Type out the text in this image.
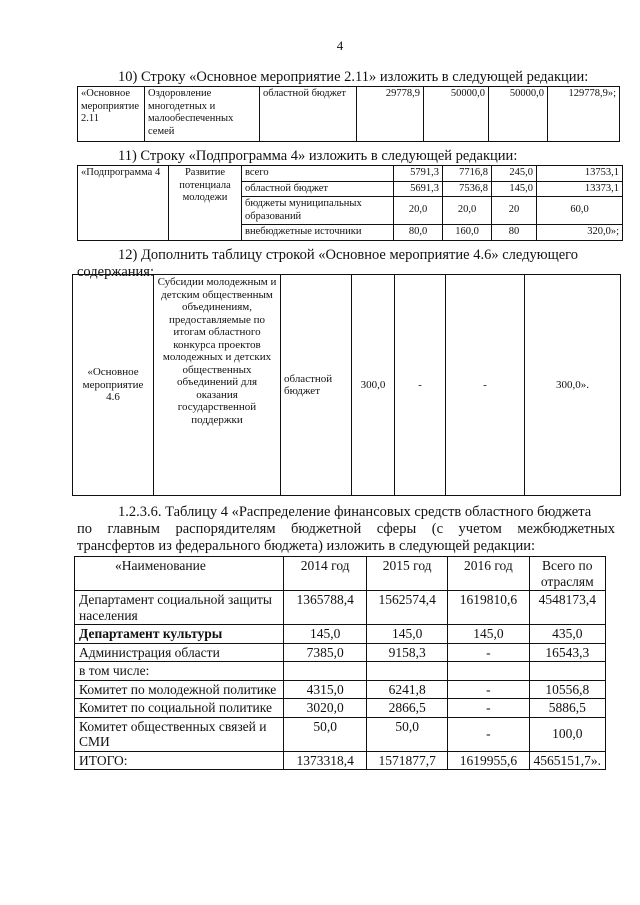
4
10) Строку «Основное мероприятие 2.11» изложить в следующей редакции:
«Основное мероприятие 2.11	Оздоровление многодетных и малообеспеченных семей	областной бюджет	29778,9	50000,0	50000,0	129778,9»;
11) Строку «Подпрограмма 4» изложить в следующей редакции:
«Подпрограмма 4	Развитие потенциала молодежи	всего	5791,3	7716,8	245,0	13753,1
		областной бюджет	5691,3	7536,8	145,0	13373,1
		бюджеты муниципальных образований	20,0	20,0	20	60,0
		внебюджетные источники	80,0	160,0	80	320,0»;
12) Дополнить таблицу строкой «Основное мероприятие 4.6» следующего
содержания:
«Основное мероприятие 4.6	Субсидии молодежным и детским общественным объединениям, предоставляемые по итогам областного конкурса проектов молодежных и детских общественных объединений для оказания государственной поддержки	областной бюджет	300,0	-	-	300,0».
1.2.3.6. Таблицу 4 «Распределение финансовых средств областного бюджета
по главным распорядителям бюджетной сферы (с учетом межбюджетных
трансфертов из федерального бюджета) изложить в следующей редакции:
«Наименование	2014 год	2015 год	2016 год	Всего по отраслям
Департамент социальной защиты населения	1365788,4	1562574,4	1619810,6	4548173,4
Департамент культуры	145,0	145,0	145,0	435,0
Администрация области	7385,0	9158,3	-	16543,3
в том числе:				
Комитет по молодежной политике	4315,0	6241,8	-	10556,8
Комитет по социальной политике	3020,0	2866,5	-	5886,5
Комитет общественных связей и СМИ	50,0	50,0	-	100,0
ИТОГО:	1373318,4	1571877,7	1619955,6	4565151,7».
